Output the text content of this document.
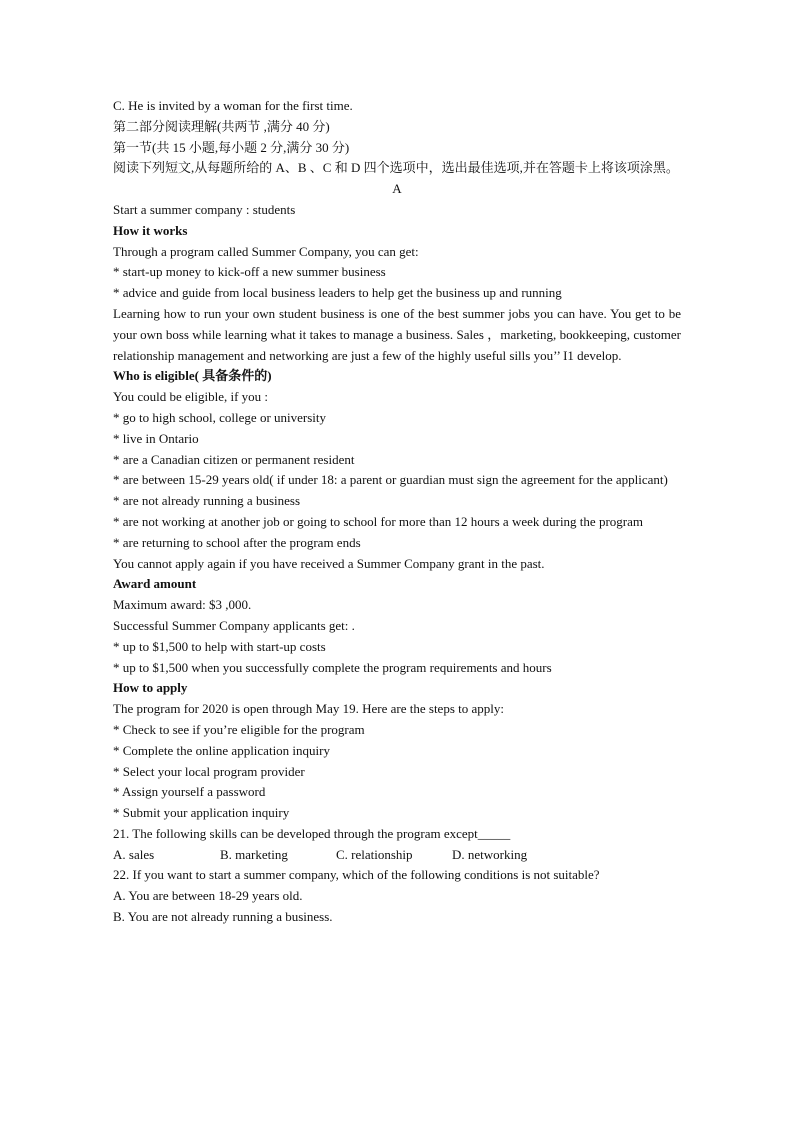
C. He is invited by a woman for the first time.
第二部分阅读理解(共两节 ,满分 40 分)
第一节(共 15 小题,每小题 2 分,满分 30 分)
阅读下列短文,从每题所给的 A、B 、C 和 D 四个选项中，选出最佳选项,并在答题卡上将该项涂黑。
A
Start a summer company : students
How it works
Through a program called Summer Company, you can get:
* start-up money to kick-off a new summer business
* advice and guide from local business leaders to help get the business up and running
Learning how to run your own student business is one of the best summer jobs you can have. You get to be your own boss while learning what it takes to manage a business. Sales ，marketing, bookkeeping, customer relationship management and networking are just a few of the highly useful sills you’’ I1 develop.
Who is eligible( 具备条件的)
You could be eligible, if you :
* go to high school, college or university
* live in Ontario
* are a Canadian citizen or permanent resident
* are between 15-29 years old( if under 18: a parent or guardian must sign the agreement for the applicant)
* are not already running a business
* are not working at another job or going to school for more than 12 hours a week during the program
* are returning to school after the program ends
You cannot apply again if you have received a Summer Company grant in the past.
Award amount
Maximum award: $3 ,000.
Successful Summer Company applicants get: .
* up to $1,500 to help with start-up costs
* up to $1,500 when you successfully complete the program requirements and hours
How to apply
The program for 2020 is open through May 19. Here are the steps to apply:
* Check to see if you’re eligible for the program
* Complete the online application inquiry
* Select your local program provider
* Assign yourself a password
* Submit your application inquiry
21. The following skills can be developed through the program except_____
A. sales	B. marketing	C. relationship	D. networking
22. If you want to start a summer company, which of the following conditions is not suitable?
A. You are between 18-29 years old.
B. You are not already running a business.
